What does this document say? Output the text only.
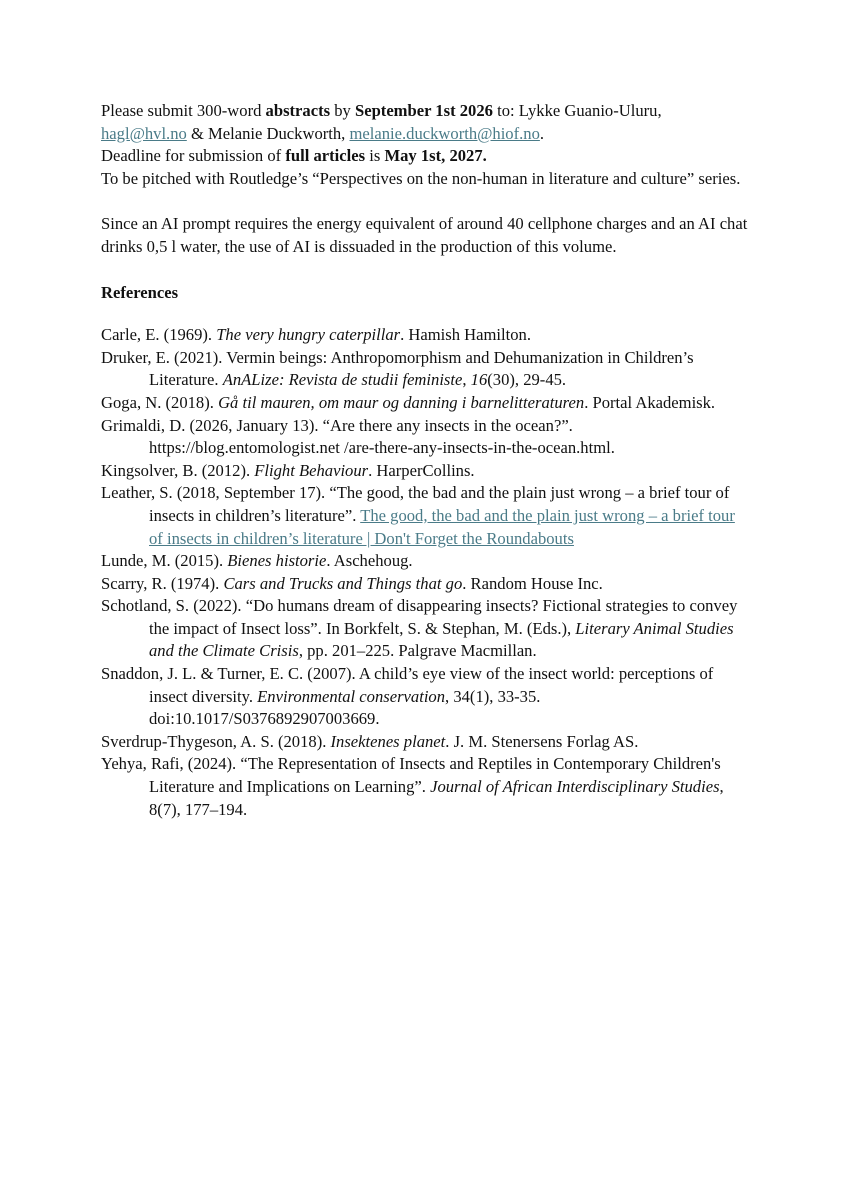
Please submit 300-word abstracts by September 1st 2026 to: Lykke Guanio-Uluru,
hagl@hvl.no & Melanie Duckworth, melanie.duckworth@hiof.no.
Deadline for submission of full articles is May 1st, 2027.
To be pitched with Routledge’s “Perspectives on the non-human in literature and culture” series.

Since an AI prompt requires the energy equivalent of around 40 cellphone charges and an AI chat drinks 0,5 l water, the use of AI is dissuaded in the production of this volume.

References

Carle, E. (1969). The very hungry caterpillar. Hamish Hamilton.

Druker, E. (2021). Vermin beings: Anthropomorphism and Dehumanization in Children’s Literature. AnALize: Revista de studii feministe, 16(30), 29-45.

Goga, N. (2018). Gå til mauren, om maur og danning i barnelitteraturen. Portal Akademisk.

Grimaldi, D. (2026, January 13). “Are there any insects in the ocean?”. https://blog.entomologist.net /are-there-any-insects-in-the-ocean.html.

Kingsolver, B. (2012). Flight Behaviour. HarperCollins.

Leather, S. (2018, September 17). “The good, the bad and the plain just wrong – a brief tour of insects in children’s literature”. The good, the bad and the plain just wrong – a brief tour of insects in children’s literature | Don't Forget the Roundabouts

Lunde, M. (2015). Bienes historie. Aschehoug.

Scarry, R. (1974). Cars and Trucks and Things that go. Random House Inc.

Schotland, S. (2022). “Do humans dream of disappearing insects? Fictional strategies to convey the impact of Insect loss”. In Borkfelt, S. & Stephan, M. (Eds.), Literary Animal Studies and the Climate Crisis, pp. 201–225. Palgrave Macmillan.

Snaddon, J. L. & Turner, E. C. (2007). A child’s eye view of the insect world: perceptions of insect diversity. Environmental conservation, 34(1), 33-35. doi:10.1017/S0376892907003669.

Sverdrup-Thygeson, A. S. (2018). Insektenes planet. J. M. Stenersens Forlag AS.

Yehya, Rafi, (2024). “The Representation of Insects and Reptiles in Contemporary Children's Literature and Implications on Learning”. Journal of African Interdisciplinary Studies, 8(7), 177–194.
